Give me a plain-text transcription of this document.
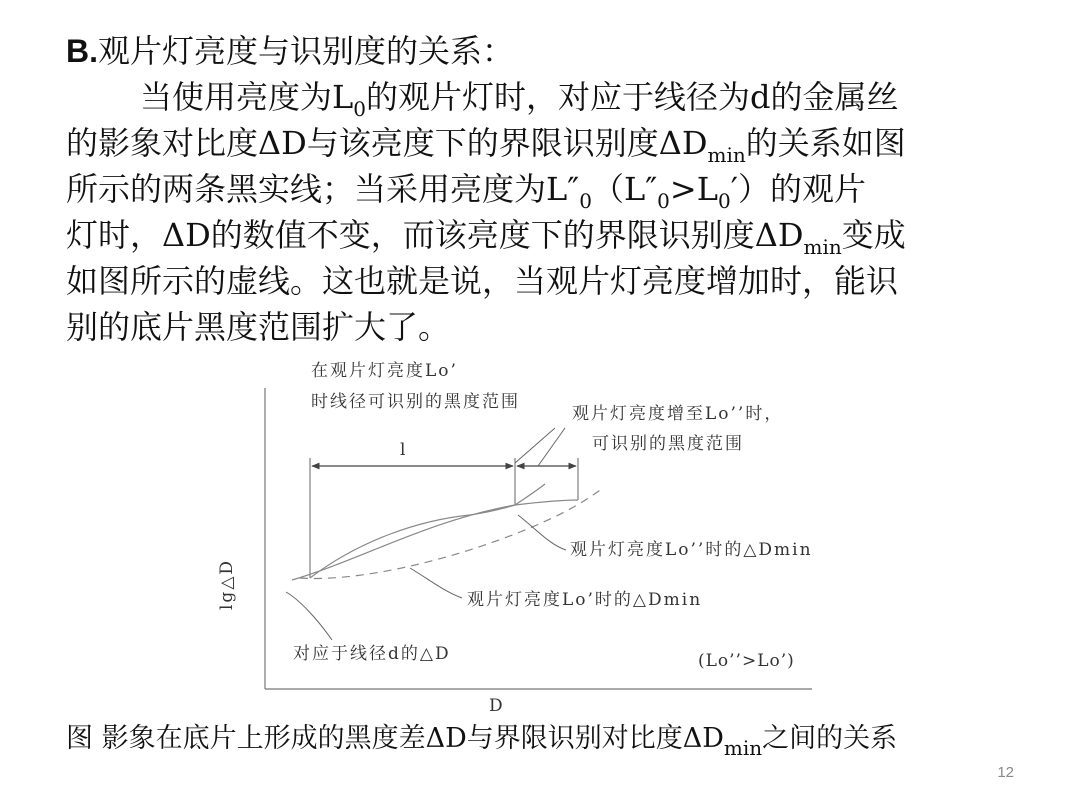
B.观片灯亮度与识别度的关系：
当使用亮度为$L_0$的观片灯时，对应于线径为d的金属丝
的影象对比度ΔD与该亮度下的界限识别度$\Delta D_{min}$的关系如图
所示的两条黑实线；当采用亮度为$L''_0(L''_0>L_0')$的观片
灯时，ΔD的数值不变，而该亮度下的界限识别度$\Delta D_{min}$变成
如图所示的虚线。这也就是说，当观片灯亮度增加时，能识
别的底片黑度范围扩大了。
在观片灯亮度Lo’
时线径可识别的黑度范围
观片灯亮度增至Lo’’时，
可识别的黑度范围
l
观片灯亮度Lo’’时的△Dmin
观片灯亮度Lo’时的△Dmin
对应于线径d的△D	(Lo’’>Lo’)
lg△D
D
图 影象在底片上形成的黑度差ΔD与界限识别对比度$\Delta D_{min}$之间的关系
12
